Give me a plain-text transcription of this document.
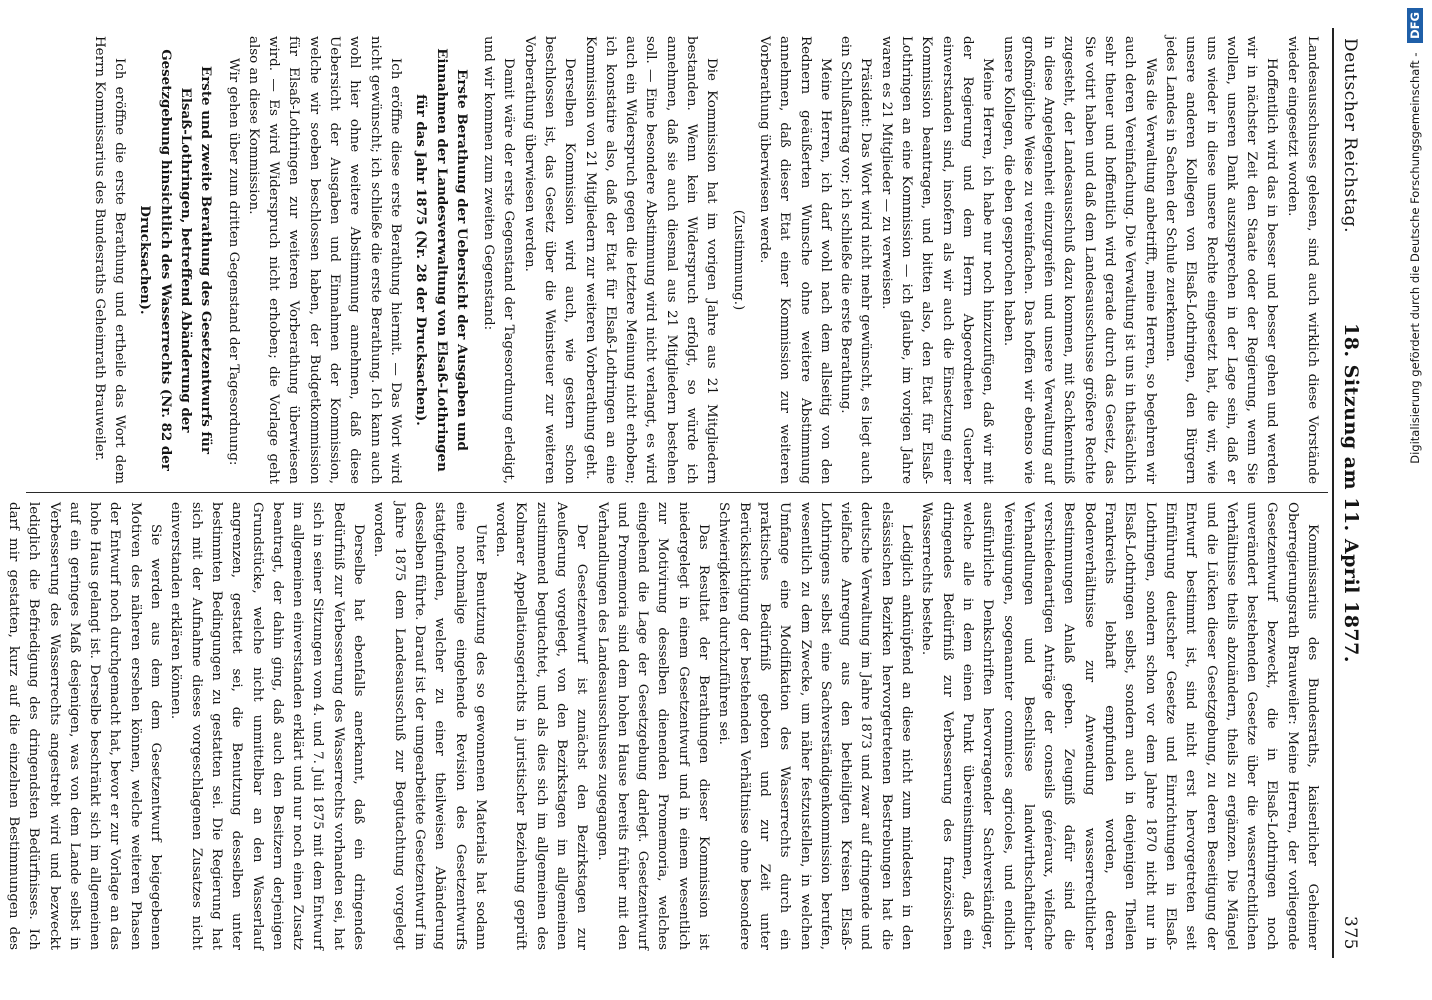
Deutscher Reichstag.
18. Sitzung am 11. April 1877.
375

Landesausschusses gelesen, sind auch wirklich diese Vorstände wieder eingesetzt worden.

Hoffentlich wird das in besser und besser gehen und werden wir in nächster Zeit den Staate oder der Regierung, wenn Sie wollen, unseren Dank auszusprechen in der Lage sein, daß er uns wieder in diese unsere Rechte eingesetzt hat, die wir, wie unsere anderen Kollegen von Elsaß-Lothringen, den Bürgern jedes Landes in Sachen der Schule zuerkennen.

Was die Verwaltung anbetrifft, meine Herren, so begehren wir auch deren Vereinfachung. Die Verwaltung ist uns in thatsächlich sehr theuer und hoffentlich wird gerade durch das Gesetz, das Sie votirt haben und daß dem Landesausschusse größere Rechte zugesteht, der Landesausschuß dazu kommen, mit Sachkenntniß in diese Angelegenheit einzugreifen und unsere Verwaltung auf großmögliche Weise zu vereinfachen. Das hoffen wir ebenso wie unsere Kollegen, die eben gesprochen haben.

Meine Herren, ich habe nur noch hinzuzufügen, daß wir mit der Regierung und dem Herrn Abgeordneten Guerber einverstanden sind, insofern als wir auch die Einsetzung einer Kommission beantragen, und bitten also, den Etat für Elsaß-Lothringen an eine Kommission — ich glaube, im vorigen Jahre waren es 21 Mitglieder — zu verweisen.

Präsident: Das Wort wird nicht mehr gewünscht, es liegt auch ein Schlußantrag vor; ich schließe die erste Berathung.

Meine Herren, ich darf wohl nach dem allseitig von den Rednern geäußerten Wunsche ohne weitere Abstimmung annehmen, daß dieser Etat einer Kommission zur weiteren Vorberathung überwiesen werde.

(Zustimmung.)

Die Kommission hat im vorigen Jahre aus 21 Mitgliedern bestanden. Wenn kein Widerspruch erfolgt, so würde ich annehmen, daß sie auch diesmal aus 21 Mitgliedern bestehen soll. — Eine besondere Abstimmung wird nicht verlangt, es wird auch ein Widerspruch gegen die letztere Meinung nicht erhoben; ich konstatire also, daß der Etat für Elsaß-Lothringen an eine Kommission von 21 Mitgliedern zur weiteren Vorberathung geht.

Derselben Kommission wird auch, wie gestern schon beschlossen ist, das Gesetz über die Weinsteuer zur weiteren Vorberathung überwiesen werden.

Damit wäre der erste Gegenstand der Tagesordnung erledigt, und wir kommen zum zweiten Gegenstand:

Erste Berathung der Uebersicht der Ausgaben und Einnahmen der Landesverwaltung von Elsaß-Lothringen für das Jahr 1875 (Nr. 28 der Drucksachen).

Ich eröffne diese erste Berathung hiermit. — Das Wort wird nicht gewünscht; ich schließe die erste Berathung. Ich kann auch wohl hier ohne weitere Abstimmung annehmen, daß diese Uebersicht der Ausgaben und Einnahmen der Kommission, welche wir soeben beschlossen haben, der Budgetkommission für Elsaß-Lothringen zur weiteren Vorberathung überwiesen wird. — Es wird Widerspruch nicht erhoben; die Vorlage geht also an diese Kommission.

Wir gehen über zum dritten Gegenstand der Tagesordnung:

Erste und zweite Berathung des Gesetzentwurfs für Elsaß-Lothringen, betreffend Abänderung der Gesetzgebung hinsichtlich des Wasserrechts (Nr. 82 der Drucksachen).

Ich eröffne die erste Berathung und ertheile das Wort dem Herrn Kommissarius des Bundesraths Geheimrath Brauweiler.

Kommissarius des Bundesraths, kaiserlicher Geheimer Oberregierungsrath Brauweiler: Meine Herren, der vorliegende Gesetzentwurf bezweckt, die in Elsaß-Lothringen noch unverändert bestehenden Gesetze über die wasserrechtlichen Verhältnisse theils abzuändern, theils zu ergänzen. Die Mängel und die Lücken dieser Gesetzgebung, zu deren Beseitigung der Entwurf bestimmt ist, sind nicht erst hervorgetreten seit Einführung deutscher Gesetze und Einrichtungen in Elsaß-Lothringen, sondern schon vor dem Jahre 1870 nicht nur in Elsaß-Lothringen selbst, sondern auch in denjenigen Theilen Frankreichs lebhaft empfunden worden, deren Bodenverhältnisse zur Anwendung wasserrechtlicher Bestimmungen Anlaß geben. Zeugniß dafür sind die verschiedenartigen Anträge der conseils généraux, vielfache Verhandlungen und Beschlüsse landwirthschaftlicher Vereinigungen, sogenannter commices agricoles, und endlich ausführliche Denkschriften hervorragender Sachverständiger, welche alle in dem einen Punkt übereinstimmen, daß ein dringendes Bedürfniß zur Verbesserung des französischen Wasserrechts bestehe.

Lediglich anknüpfend an diese nicht zum mindesten in den elsässischen Bezirken hervorgetretenen Bestrebungen hat die deutsche Verwaltung im Jahre 1873 und zwar auf dringende und vielfache Anregung aus den betheiligten Kreisen Elsaß-Lothringens selbst eine Sachverständigenkommission berufen, wesentlich zu dem Zwecke, um näher festzustellen, in welchen Umfange eine Modifikation des Wasserrechts durch ein praktisches Bedürfniß geboten und zur Zeit unter Berücksichtigung der bestehenden Verhältnisse ohne besondere Schwierigkeiten durchzuführen sei.

Das Resultat der Berathungen dieser Kommission ist niedergelegt in einem Gesetzentwurf und in einem wesentlich zur Motivirung desselben dienenden Promemoria, welches eingehend die Lage der Gesetzgebung darlegt. Gesetzentwurf und Promemoria sind dem hohen Hause bereits früher mit den Verhandlungen des Landesausschusses zugegangen.

Der Gesetzentwurf ist zunächst den Bezirkstagen zur Aeußerung vorgelegt, von den Bezirkstagen im allgemeinen zustimmend begutachtet, und als dies sich im allgemeinen des Kolmarer Appellationsgerichts in juristischer Beziehung geprüft worden.

Unter Benutzung des so gewonnenen Materials hat sodann eine nochmalige eingehende Revision des Gesetzentwurfs stattgefunden, welcher zu einer theilweisen Abänderung desselben führte. Darauf ist der umgearbeitete Gesetzentwurf im Jahre 1875 dem Landesausschuß zur Begutachtung vorgelegt worden.

Derselbe hat ebenfalls anerkannt, daß ein dringendes Bedürfniß zur Verbesserung des Wasserrechts vorhanden sei, hat sich in seiner Sitzungen vom 4. und 7. Juli 1875 mit dem Entwurf im allgemeinen einverstanden erklärt und nur noch einen Zusatz beantragt, der dahin ging, daß auch den Besitzern derjenigen Grundstücke, welche nicht unmittelbar an den Wasserlauf angrenzen, gestattet sei, die Benutzung desselben unter bestimmten Bedingungen zu gestatten sei. Die Regierung hat sich mit der Aufnahme dieses vorgeschlagenen Zusatzes nicht einverstanden erklären können.

Sie werden aus dem dem Gesetzentwurf beigegebenen Motiven des näheren ersehen können, welche weiteren Phasen der Entwurf noch durchgemacht hat, bevor er zur Vorlage an das hohe Haus gelangt ist. Derselbe beschränkt sich im allgemeinen auf ein geringes Maß desjenigen, was von dem Lande selbst in Verbesserung des Wasserrechts angestrebt wird und bezweckt lediglich die Befriedigung des dringendsten Bedürfnisses. Ich darf mir gestatten, kurz auf die einzelnen Bestimmungen des

Digitalisierung gefördert durch die Deutsche Forschungsgemeinschaft - DFG
